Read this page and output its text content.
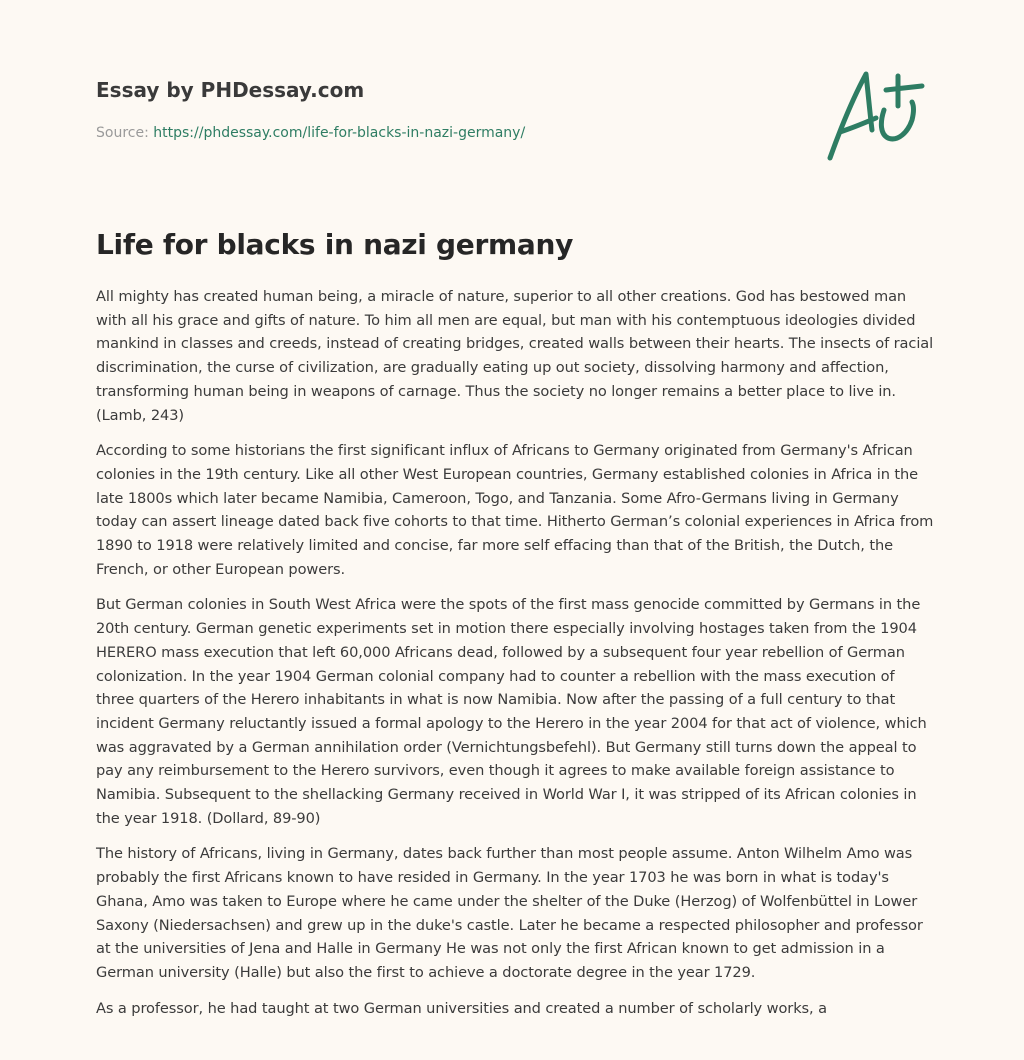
Essay by PHDessay.com
Source: https://phdessay.com/life-for-blacks-in-nazi-germany/
Life for blacks in nazi germany

All mighty has created human being, a miracle of nature, superior to all other creations. God has bestowed man with all his grace and gifts of nature. To him all men are equal, but man with his contemptuous ideologies divided mankind in classes and creeds, instead of creating bridges, created walls between their hearts. The insects of racial discrimination, the curse of civilization, are gradually eating up out society, dissolving harmony and affection, transforming human being in weapons of carnage. Thus the society no longer remains a better place to live in. (Lamb, 243)

According to some historians the first significant influx of Africans to Germany originated from Germany's African colonies in the 19th century. Like all other West European countries, Germany established colonies in Africa in the late 1800s which later became Namibia, Cameroon, Togo, and Tanzania. Some Afro-Germans living in Germany today can assert lineage dated back five cohorts to that time. Hitherto German’s colonial experiences in Africa from 1890 to 1918 were relatively limited and concise, far more self effacing than that of the British, the Dutch, the French, or other European powers.

But German colonies in South West Africa were the spots of the first mass genocide committed by Germans in the 20th century. German genetic experiments set in motion there especially involving hostages taken from the 1904 HERERO mass execution that left 60,000 Africans dead, followed by a subsequent four year rebellion of German colonization. In the year 1904 German colonial company had to counter a rebellion with the mass execution of three quarters of the Herero inhabitants in what is now Namibia. Now after the passing of a full century to that incident Germany reluctantly issued a formal apology to the Herero in the year 2004 for that act of violence, which was aggravated by a German annihilation order (Vernichtungsbefehl). But Germany still turns down the appeal to pay any reimbursement to the Herero survivors, even though it agrees to make available foreign assistance to Namibia. Subsequent to the shellacking Germany received in World War I, it was stripped of its African colonies in the year 1918. (Dollard, 89-90)

The history of Africans, living in Germany, dates back further than most people assume. Anton Wilhelm Amo was probably the first Africans known to have resided in Germany. In the year 1703 he was born in what is today's Ghana, Amo was taken to Europe where he came under the shelter of the Duke (Herzog) of Wolfenbüttel in Lower Saxony (Niedersachsen) and grew up in the duke's castle. Later he became a respected philosopher and professor at the universities of Jena and Halle in Germany He was not only the first African known to get admission in a German university (Halle) but also the first to achieve a doctorate degree in the year 1729.

As a professor, he had taught at two German universities and created a number of scholarly works, a
